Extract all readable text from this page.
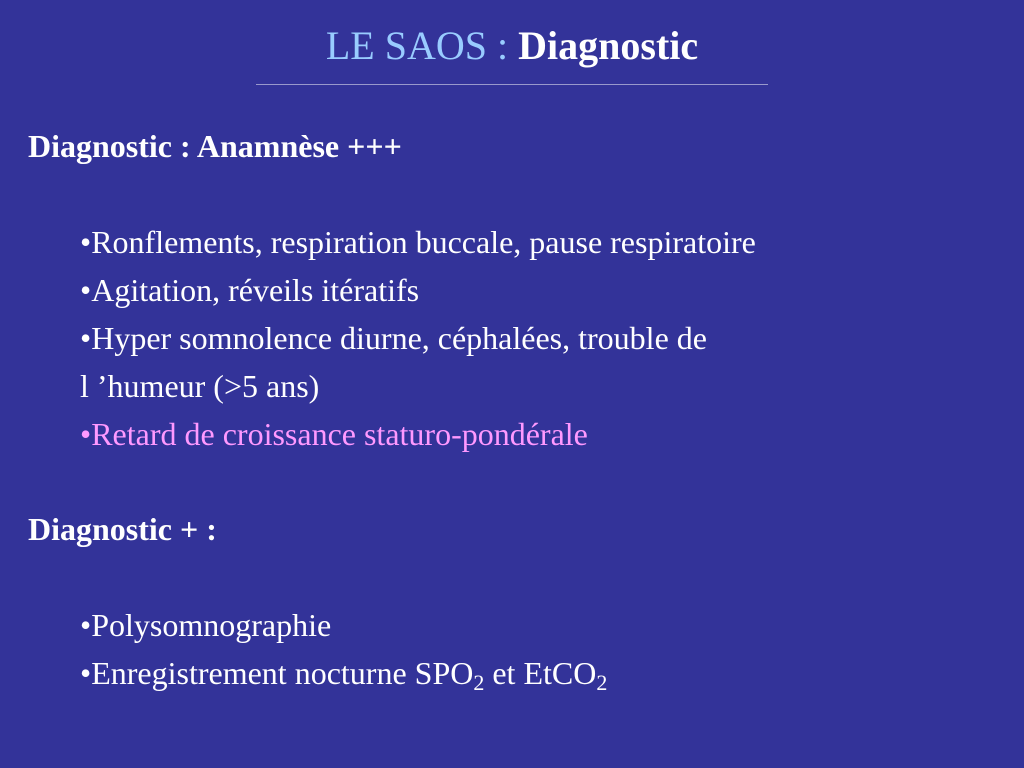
LE SAOS : Diagnostic
Diagnostic : Anamnèse +++
•Ronflements, respiration buccale, pause respiratoire
•Agitation, réveils itératifs
•Hyper somnolence diurne, céphalées, trouble de
l ’humeur (>5 ans)
•Retard de croissance staturo-pondérale
Diagnostic + :
•Polysomnographie
•Enregistrement nocturne $SPO_2$ et EtCO$_2$
